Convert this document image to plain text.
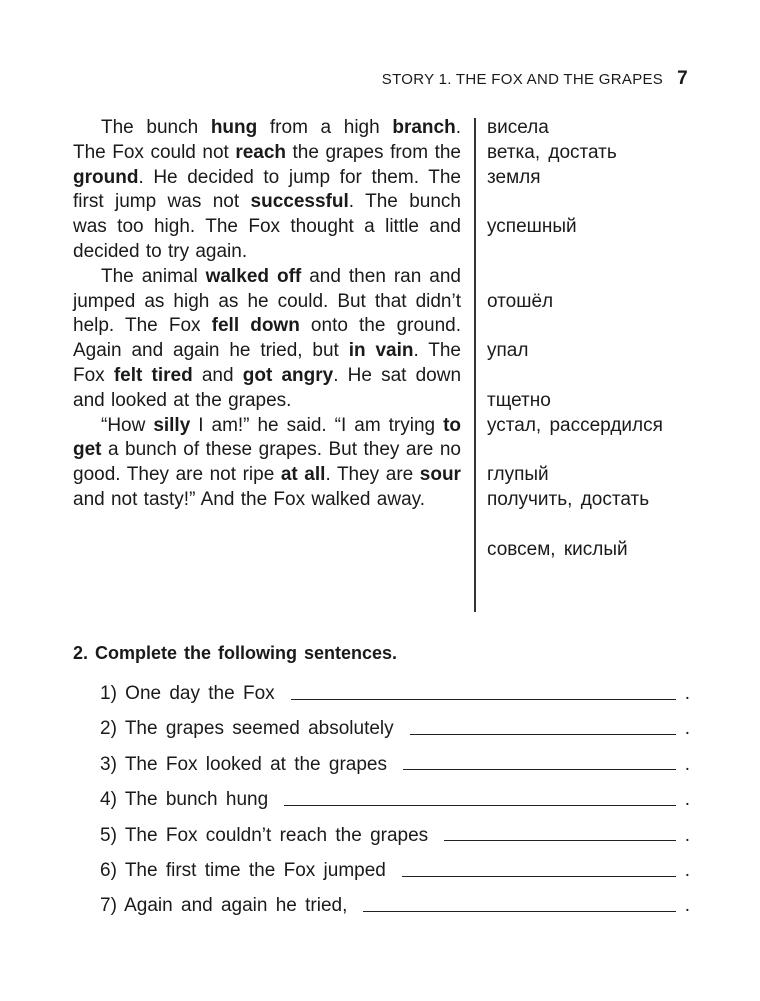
STORY 1. THE FOX AND THE GRAPES 7

The bunch hung from a high branch. The Fox could not reach the grapes from the ground. He decided to jump for them. The first jump was not successful. The bunch was too high. The Fox thought a little and decided to try again.

The animal walked off and then ran and jumped as high as he could. But that didn’t help. The Fox fell down onto the ground. Again and again he tried, but in vain. The Fox felt tired and got angry. He sat down and looked at the grapes.

“How silly I am!” he said. “I am trying to get a bunch of these grapes. But they are no good. They are not ripe at all. They are sour and not tasty!” And the Fox walked away.

висела
ветка, достать
земля
успешный
отошёл
упал
тщетно
устал, рассердился
глупый
получить, достать
совсем, кислый
2. Complete the following sentences.
1) One day the Fox	.
2) The grapes seemed absolutely	.
3) The Fox looked at the grapes	.
4) The bunch hung	.
5) The Fox couldn’t reach the grapes	.
6) The first time the Fox jumped	.
7) Again and again he tried,	.
